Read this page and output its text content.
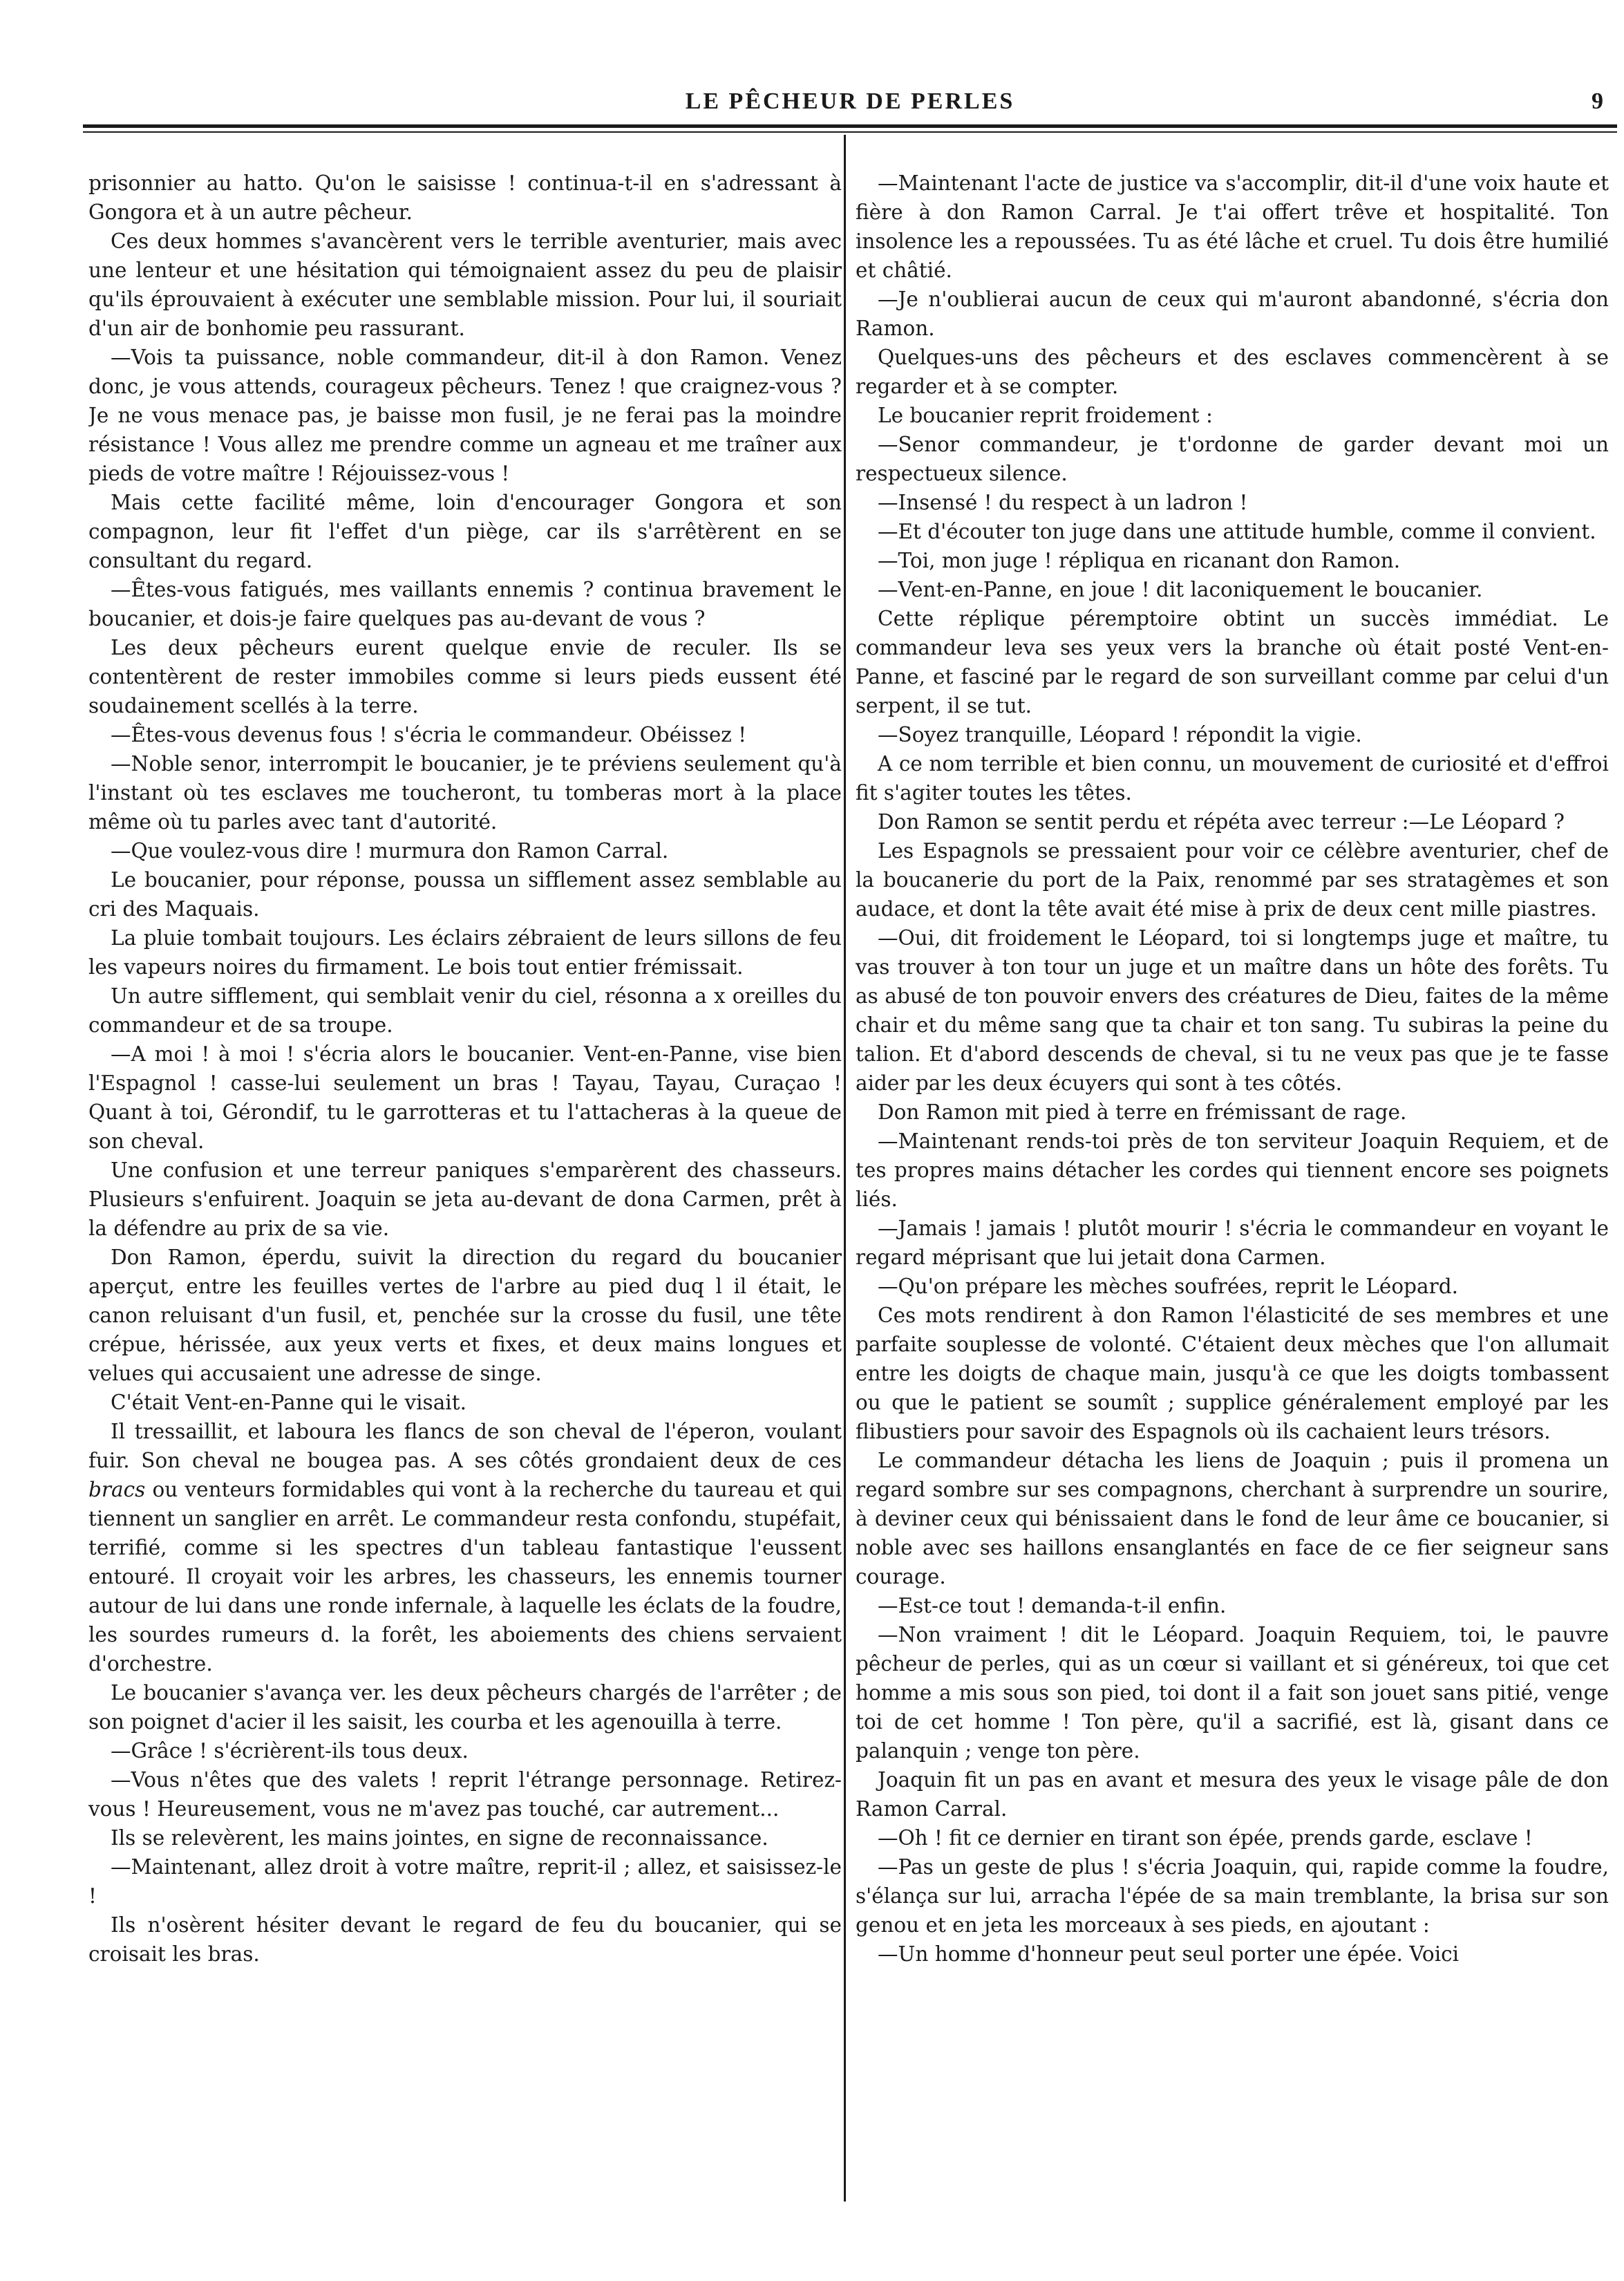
LE PÊCHEUR DE PERLES	9

prisonnier au hatto. Qu'on le saisisse ! continua-t-il en s'adressant à Gongora et à un autre pêcheur.

Ces deux hommes s'avancèrent vers le terrible aventurier, mais avec une lenteur et une hésitation qui témoignaient assez du peu de plaisir qu'ils éprouvaient à exécuter une semblable mission. Pour lui, il souriait d'un air de bonhomie peu rassurant.

—Vois ta puissance, noble commandeur, dit-il à don Ramon. Venez donc, je vous attends, courageux pêcheurs. Tenez ! que craignez-vous ? Je ne vous menace pas, je baisse mon fusil, je ne ferai pas la moindre résistance ! Vous allez me prendre comme un agneau et me traîner aux pieds de votre maître ! Réjouissez-vous !

Mais cette facilité même, loin d'encourager Gongora et son compagnon, leur fit l'effet d'un piège, car ils s'arrêtèrent en se consultant du regard.

—Êtes-vous fatigués, mes vaillants ennemis ? continua bravement le boucanier, et dois-je faire quelques pas au-devant de vous ?

Les deux pêcheurs eurent quelque envie de reculer. Ils se contentèrent de rester immobiles comme si leurs pieds eussent été soudainement scellés à la terre.

—Êtes-vous devenus fous ! s'écria le commandeur. Obéissez !

—Noble senor, interrompit le boucanier, je te préviens seulement qu'à l'instant où tes esclaves me toucheront, tu tomberas mort à la place même où tu parles avec tant d'autorité.

—Que voulez-vous dire ! murmura don Ramon Carral.

Le boucanier, pour réponse, poussa un sifflement assez semblable au cri des Maquais.

La pluie tombait toujours. Les éclairs zébraient de leurs sillons de feu les vapeurs noires du firmament. Le bois tout entier frémissait.

Un autre sifflement, qui semblait venir du ciel, résonna a x oreilles du commandeur et de sa troupe.

—A moi ! à moi ! s'écria alors le boucanier. Vent-en-Panne, vise bien l'Espagnol ! casse-lui seulement un bras ! Tayau, Tayau, Curaçao ! Quant à toi, Gérondif, tu le garrotteras et tu l'attacheras à la queue de son cheval.

Une confusion et une terreur paniques s'emparèrent des chasseurs. Plusieurs s'enfuirent. Joaquin se jeta au-devant de dona Carmen, prêt à la défendre au prix de sa vie.

Don Ramon, éperdu, suivit la direction du regard du boucanier aperçut, entre les feuilles vertes de l'arbre au pied duq l il était, le canon reluisant d'un fusil, et, penchée sur la crosse du fusil, une tête crépue, hérissée, aux yeux verts et fixes, et deux mains longues et velues qui accusaient une adresse de singe.

C'était Vent-en-Panne qui le visait.

Il tressaillit, et laboura les flancs de son cheval de l'éperon, voulant fuir. Son cheval ne bougea pas. A ses côtés grondaient deux de ces bracs ou venteurs formidables qui vont à la recherche du taureau et qui tiennent un sanglier en arrêt. Le commandeur resta confondu, stupéfait, terrifié, comme si les spectres d'un tableau fantastique l'eussent entouré. Il croyait voir les arbres, les chasseurs, les ennemis tourner autour de lui dans une ronde infernale, à laquelle les éclats de la foudre, les sourdes rumeurs d. la forêt, les aboiements des chiens servaient d'orchestre.

Le boucanier s'avança ver. les deux pêcheurs chargés de l'arrêter ; de son poignet d'acier il les saisit, les courba et les agenouilla à terre.

—Grâce ! s'écrièrent-ils tous deux.

—Vous n'êtes que des valets ! reprit l'étrange personnage. Retirez-vous ! Heureusement, vous ne m'avez pas touché, car autrement...

Ils se relevèrent, les mains jointes, en signe de reconnaissance.

—Maintenant, allez droit à votre maître, reprit-il ; allez, et saisissez-le !

Ils n'osèrent hésiter devant le regard de feu du boucanier, qui se croisait les bras.

—Maintenant l'acte de justice va s'accomplir, dit-il d'une voix haute et fière à don Ramon Carral. Je t'ai offert trêve et hospitalité. Ton insolence les a repoussées. Tu as été lâche et cruel. Tu dois être humilié et châtié.

—Je n'oublierai aucun de ceux qui m'auront abandonné, s'écria don Ramon.

Quelques-uns des pêcheurs et des esclaves commencèrent à se regarder et à se compter.

Le boucanier reprit froidement :

—Senor commandeur, je t'ordonne de garder devant moi un respectueux silence.

—Insensé ! du respect à un ladron !

—Et d'écouter ton juge dans une attitude humble, comme il convient.

—Toi, mon juge ! répliqua en ricanant don Ramon.

—Vent-en-Panne, en joue ! dit laconiquement le boucanier.

Cette réplique péremptoire obtint un succès immédiat. Le commandeur leva ses yeux vers la branche où était posté Vent-en-Panne, et fasciné par le regard de son surveillant comme par celui d'un serpent, il se tut.

—Soyez tranquille, Léopard ! répondit la vigie.

A ce nom terrible et bien connu, un mouvement de curiosité et d'effroi fit s'agiter toutes les têtes.

Don Ramon se sentit perdu et répéta avec terreur :—Le Léopard ?

Les Espagnols se pressaient pour voir ce célèbre aventurier, chef de la boucanerie du port de la Paix, renommé par ses stratagèmes et son audace, et dont la tête avait été mise à prix de deux cent mille piastres.

—Oui, dit froidement le Léopard, toi si longtemps juge et maître, tu vas trouver à ton tour un juge et un maître dans un hôte des forêts. Tu as abusé de ton pouvoir envers des créatures de Dieu, faites de la même chair et du même sang que ta chair et ton sang. Tu subiras la peine du talion. Et d'abord descends de cheval, si tu ne veux pas que je te fasse aider par les deux écuyers qui sont à tes côtés.

Don Ramon mit pied à terre en frémissant de rage.

—Maintenant rends-toi près de ton serviteur Joaquin Requiem, et de tes propres mains détacher les cordes qui tiennent encore ses poignets liés.

—Jamais ! jamais ! plutôt mourir ! s'écria le commandeur en voyant le regard méprisant que lui jetait dona Carmen.

—Qu'on prépare les mèches soufrées, reprit le Léopard.

Ces mots rendirent à don Ramon l'élasticité de ses membres et une parfaite souplesse de volonté. C'étaient deux mèches que l'on allumait entre les doigts de chaque main, jusqu'à ce que les doigts tombassent ou que le patient se soumît ; supplice généralement employé par les flibustiers pour savoir des Espagnols où ils cachaient leurs trésors.

Le commandeur détacha les liens de Joaquin ; puis il promena un regard sombre sur ses compagnons, cherchant à surprendre un sourire, à deviner ceux qui bénissaient dans le fond de leur âme ce boucanier, si noble avec ses haillons ensanglantés en face de ce fier seigneur sans courage.

—Est-ce tout ! demanda-t-il enfin.

—Non vraiment ! dit le Léopard. Joaquin Requiem, toi, le pauvre pêcheur de perles, qui as un cœur si vaillant et si généreux, toi que cet homme a mis sous son pied, toi dont il a fait son jouet sans pitié, venge toi de cet homme ! Ton père, qu'il a sacrifié, est là, gisant dans ce palanquin ; venge ton père.

Joaquin fit un pas en avant et mesura des yeux le visage pâle de don Ramon Carral.

—Oh ! fit ce dernier en tirant son épée, prends garde, esclave !

—Pas un geste de plus ! s'écria Joaquin, qui, rapide comme la foudre, s'élança sur lui, arracha l'épée de sa main tremblante, la brisa sur son genou et en jeta les morceaux à ses pieds, en ajoutant :

—Un homme d'honneur peut seul porter une épée. Voici
